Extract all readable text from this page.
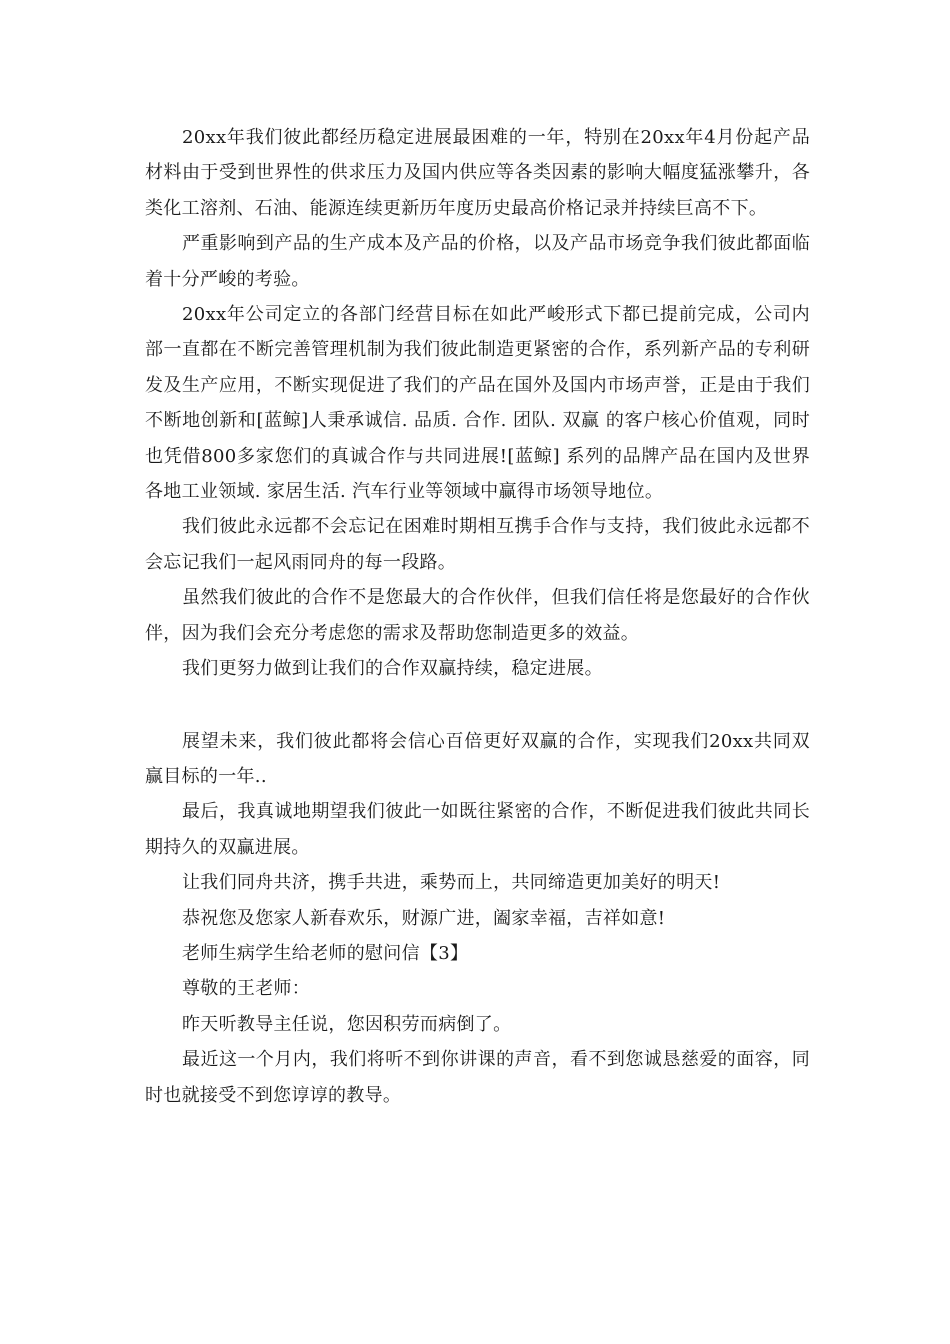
20xx年我们彼此都经历稳定进展最困难的一年，特别在20xx年4月份起产品材料由于受到世界性的供求压力及国内供应等各类因素的影响大幅度猛涨攀升，各类化工溶剂、石油、能源连续更新历年度历史最高价格记录并持续巨高不下。

严重影响到产品的生产成本及产品的价格，以及产品市场竞争我们彼此都面临着十分严峻的考验。

20xx年公司定立的各部门经营目标在如此严峻形式下都已提前完成，公司内部一直都在不断完善管理机制为我们彼此制造更紧密的合作，系列新产品的专利研发及生产应用，不断实现促进了我们的产品在国外及国内市场声誉，正是由于我们不断地创新和[蓝鲸]人秉承诚信. 品质. 合作. 团队. 双赢 的客户核心价值观，同时也凭借800多家您们的真诚合作与共同进展![蓝鲸] 系列的品牌产品在国内及世界各地工业领域. 家居生活. 汽车行业等领域中赢得市场领导地位。

我们彼此永远都不会忘记在困难时期相互携手合作与支持，我们彼此永远都不会忘记我们一起风雨同舟的每一段路。

虽然我们彼此的合作不是您最大的合作伙伴，但我们信任将是您最好的合作伙伴，因为我们会充分考虑您的需求及帮助您制造更多的效益。

我们更努力做到让我们的合作双赢持续，稳定进展。

展望未来，我们彼此都将会信心百倍更好双赢的合作，实现我们20xx共同双赢目标的一年..

最后，我真诚地期望我们彼此一如既往紧密的合作，不断促进我们彼此共同长期持久的双赢进展。

让我们同舟共济，携手共进，乘势而上，共同缔造更加美好的明天!

恭祝您及您家人新春欢乐，财源广进，阖家幸福，吉祥如意!

老师生病学生给老师的慰问信【3】

尊敬的王老师：

昨天听教导主任说，您因积劳而病倒了。

最近这一个月内，我们将听不到你讲课的声音，看不到您诚恳慈爱的面容，同时也就接受不到您谆谆的教导。
